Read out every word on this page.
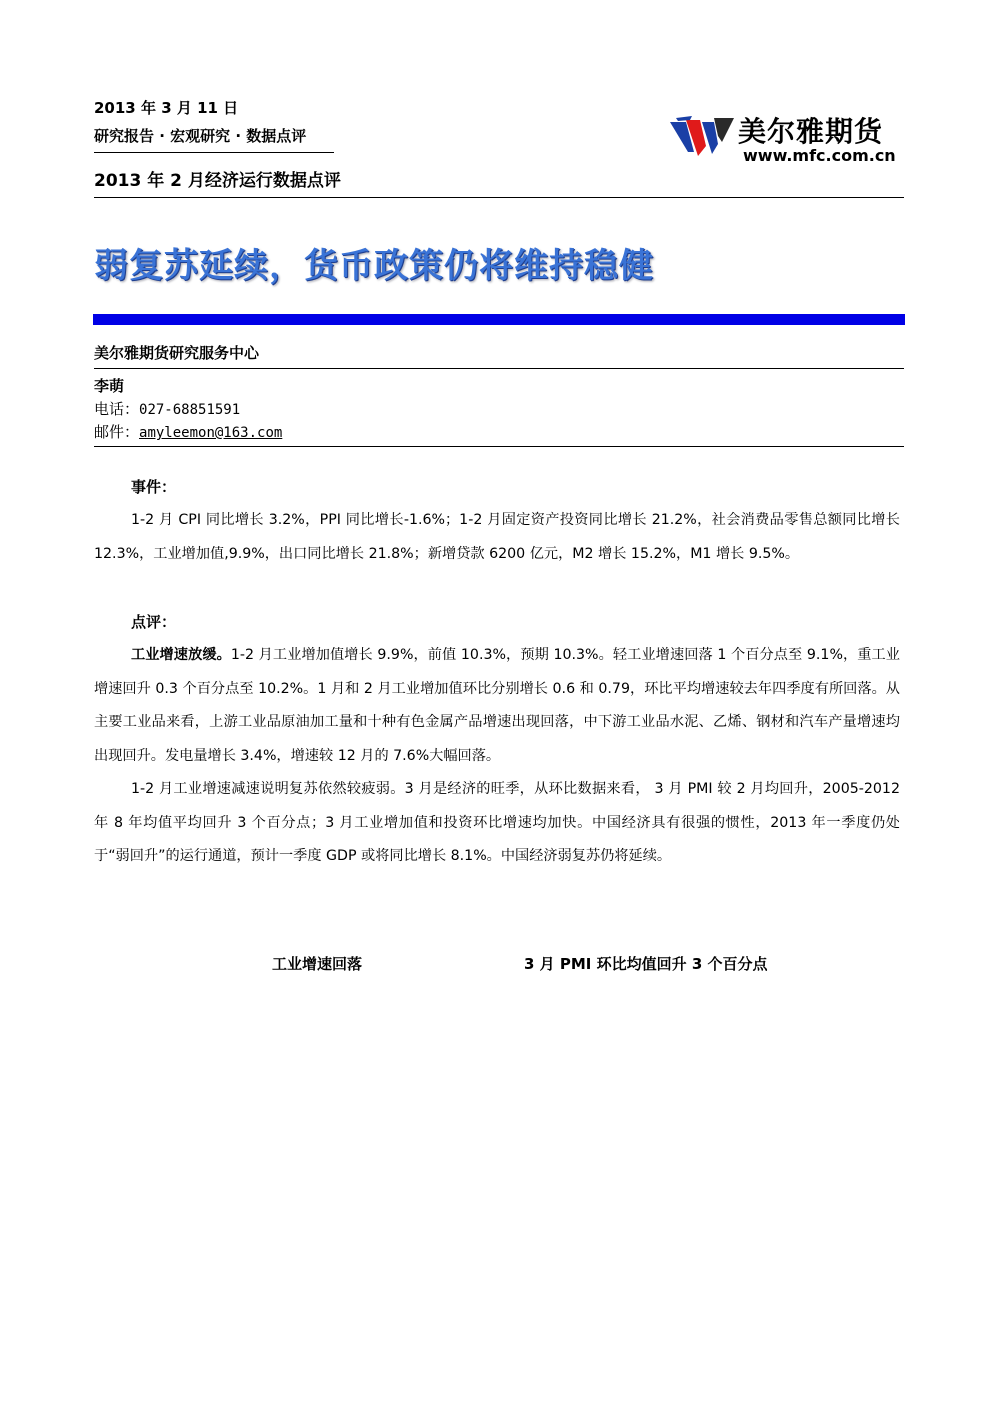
2013 年 3 月 11 日
研究报告 · 宏观研究 · 数据点评
2013 年 2 月经济运行数据点评
美尔雅期货
www.mfc.com.cn
弱复苏延续，货币政策仍将维持稳健
美尔雅期货研究服务中心
李萌
电话：027-68851591
邮件：amyleemon@163.com
事件：

1-2 月 CPI 同比增长 3.2%，PPI 同比增长-1.6%；1-2 月固定资产投资同比增长 21.2%，社会消费品零售总额同比增长 12.3%，工业增加值,9.9%，出口同比增长 21.8%；新增贷款 6200 亿元，M2 增长 15.2%，M1 增长 9.5%。

点评：

工业增速放缓。1-2 月工业增加值增长 9.9%，前值 10.3%，预期 10.3%。轻工业增速回落 1 个百分点至 9.1%，重工业增速回升 0.3 个百分点至 10.2%。1 月和 2 月工业增加值环比分别增长 0.6 和 0.79，环比平均增速较去年四季度有所回落。从主要工业品来看，上游工业品原油加工量和十种有色金属产品增速出现回落，中下游工业品水泥、乙烯、钢材和汽车产量增速均出现回升。发电量增长 3.4%，增速较 12 月的 7.6%大幅回落。

1-2 月工业增速减速说明复苏依然较疲弱。3 月是经济的旺季，从环比数据来看， 3 月 PMI 较 2 月均回升，2005-2012 年 8 年均值平均回升 3 个百分点；3 月工业增加值和投资环比增速均加快。中国经济具有很强的惯性，2013 年一季度仍处于“弱回升”的运行通道，预计一季度 GDP 或将同比增长 8.1%。中国经济弱复苏仍将延续。

工业增速回落	3 月 PMI 环比均值回升 3 个百分点
